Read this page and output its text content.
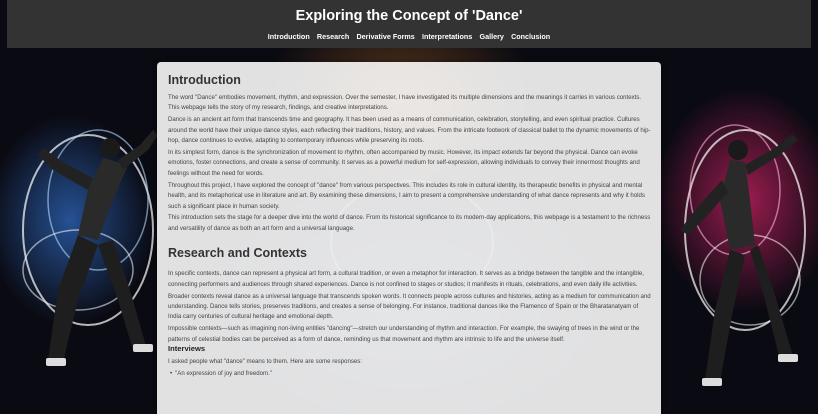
Exploring the Concept of 'Dance'
Introduction Research Derivative Forms Interpretations Gallery Conclusion
Introduction

The word "Dance" embodies movement, rhythm, and expression. Over the semester, I have investigated its multiple dimensions and the meanings it carries in various contexts. This webpage tells the story of my research, findings, and creative interpretations.

Dance is an ancient art form that transcends time and geography. It has been used as a means of communication, celebration, storytelling, and even spiritual practice. Cultures around the world have their unique dance styles, each reflecting their traditions, history, and values. From the intricate footwork of classical ballet to the dynamic movements of hip-hop, dance continues to evolve, adapting to contemporary influences while preserving its roots.

In its simplest form, dance is the synchronization of movement to rhythm, often accompanied by music. However, its impact extends far beyond the physical. Dance can evoke emotions, foster connections, and create a sense of community. It serves as a powerful medium for self-expression, allowing individuals to convey their innermost thoughts and feelings without the need for words.

Throughout this project, I have explored the concept of "dance" from various perspectives. This includes its role in cultural identity, its therapeutic benefits in physical and mental health, and its metaphorical use in literature and art. By examining these dimensions, I aim to present a comprehensive understanding of what dance represents and why it holds such a significant place in human society.

This introduction sets the stage for a deeper dive into the world of dance. From its historical significance to its modern-day applications, this webpage is a testament to the richness and versatility of dance as both an art form and a universal language.

Research and Contexts

In specific contexts, dance can represent a physical art form, a cultural tradition, or even a metaphor for interaction. It serves as a bridge between the tangible and the intangible, connecting performers and audiences through shared experiences. Dance is not confined to stages or studios; it manifests in rituals, celebrations, and even daily life activities.

Broader contexts reveal dance as a universal language that transcends spoken words. It connects people across cultures and histories, acting as a medium for communication and understanding. Dance tells stories, preserves traditions, and creates a sense of belonging. For instance, traditional dances like the Flamenco of Spain or the Bharatanatyam of India carry centuries of cultural heritage and emotional depth.

Impossible contexts—such as imagining non-living entities "dancing"—stretch our understanding of rhythm and interaction. For example, the swaying of trees in the wind or the patterns of celestial bodies can be perceived as a form of dance, reminding us that movement and rhythm are intrinsic to life and the universe itself.

Interviews

I asked people what "dance" means to them. Here are some responses:

• "An expression of joy and freedom."
